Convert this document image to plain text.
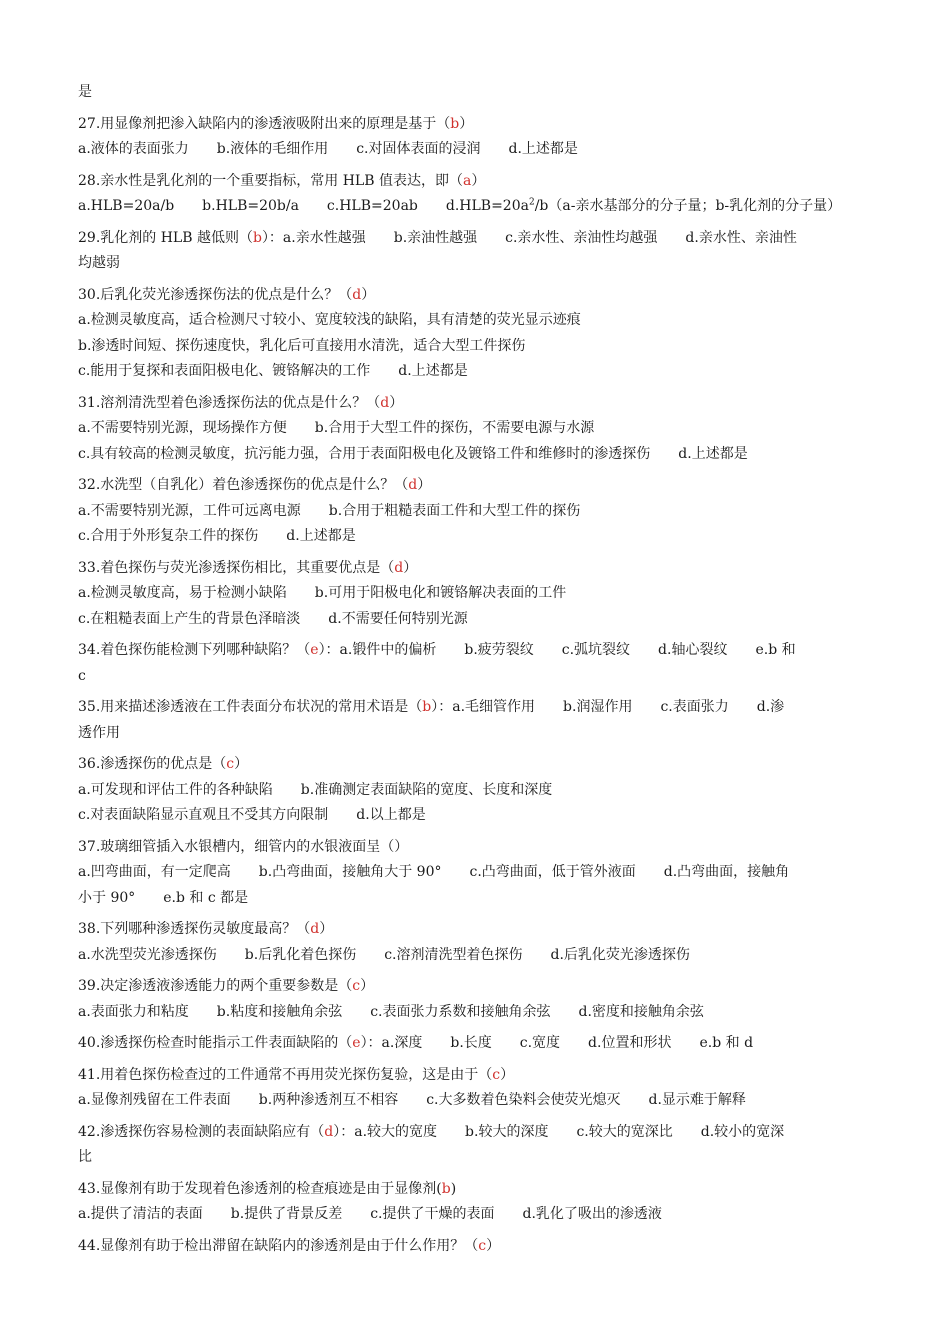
是
27.用显像剂把渗入缺陷内的渗透液吸附出来的原理是基于（b）
a.液体的表面张力　　b.液体的毛细作用　　c.对固体表面的浸润　　d.上述都是
28.亲水性是乳化剂的一个重要指标，常用 HLB 值表达，即（a）
a.HLB=20a/b　　b.HLB=20b/a　　c.HLB=20ab　　$d.HLB=20a^2/b(a-$亲水基部分的分子量；b-乳化剂的分子量）
29.乳化剂的 HLB 越低则（b）：a.亲水性越强　　b.亲油性越强　　c.亲水性、亲油性均越强　　d.亲水性、亲油性
均越弱
30.后乳化荧光渗透探伤法的优点是什么？（d）
a.检测灵敏度高，适合检测尺寸较小、宽度较浅的缺陷，具有清楚的荧光显示迹痕
b.渗透时间短、探伤速度快，乳化后可直接用水清洗，适合大型工件探伤
c.能用于复探和表面阳极电化、镀铬解决的工作　　d.上述都是
31.溶剂清洗型着色渗透探伤法的优点是什么？（d）
a.不需要特别光源，现场操作方便　　b.合用于大型工件的探伤，不需要电源与水源
c.具有较高的检测灵敏度，抗污能力强，合用于表面阳极电化及镀铬工件和维修时的渗透探伤　　d.上述都是
32.水洗型（自乳化）着色渗透探伤的优点是什么？（d）
a.不需要特别光源，工件可远离电源　　b.合用于粗糙表面工件和大型工件的探伤
c.合用于外形复杂工件的探伤　　d.上述都是
33.着色探伤与荧光渗透探伤相比，其重要优点是（d）
a.检测灵敏度高，易于检测小缺陷　　b.可用于阳极电化和镀铬解决表面的工件
c.在粗糙表面上产生的背景色泽暗淡　　d.不需要任何特别光源
34.着色探伤能检测下列哪种缺陷？（e）：a.锻件中的偏析　　b.疲劳裂纹　　c.弧坑裂纹　　d.轴心裂纹　　e.b 和
c
35.用来描述渗透液在工件表面分布状况的常用术语是（b）：a.毛细管作用　　b.润湿作用　　c.表面张力　　d.渗
透作用
36.渗透探伤的优点是（c）
a.可发现和评估工件的各种缺陷　　b.准确测定表面缺陷的宽度、长度和深度
c.对表面缺陷显示直观且不受其方向限制　　d.以上都是
37.玻璃细管插入水银槽内，细管内的水银液面呈（）
a.凹弯曲面，有一定爬高　　b.凸弯曲面，接触角大于 90°　　c.凸弯曲面，低于管外液面　　d.凸弯曲面，接触角
小于 90°　　e.b 和 c 都是
38.下列哪种渗透探伤灵敏度最高？（d）
a.水洗型荧光渗透探伤　　b.后乳化着色探伤　　c.溶剂清洗型着色探伤　　d.后乳化荧光渗透探伤
39.决定渗透液渗透能力的两个重要参数是（c）
a.表面张力和粘度　　b.粘度和接触角余弦　　c.表面张力系数和接触角余弦　　d.密度和接触角余弦
40.渗透探伤检查时能指示工件表面缺陷的（e）：a.深度　　b.长度　　c.宽度　　d.位置和形状　　e.b 和 d
41.用着色探伤检查过的工件通常不再用荧光探伤复验，这是由于（c）
a.显像剂残留在工件表面　　b.两种渗透剂互不相容　　c.大多数着色染料会使荧光熄灭　　d.显示难于解释
42.渗透探伤容易检测的表面缺陷应有（d）：a.较大的宽度　　b.较大的深度　　c.较大的宽深比　　d.较小的宽深
比
43.显像剂有助于发现着色渗透剂的检查痕迹是由于显像剂(b)
a.提供了清洁的表面　　b.提供了背景反差　　c.提供了干燥的表面　　d.乳化了吸出的渗透液
44.显像剂有助于检出滞留在缺陷内的渗透剂是由于什么作用？（c）
